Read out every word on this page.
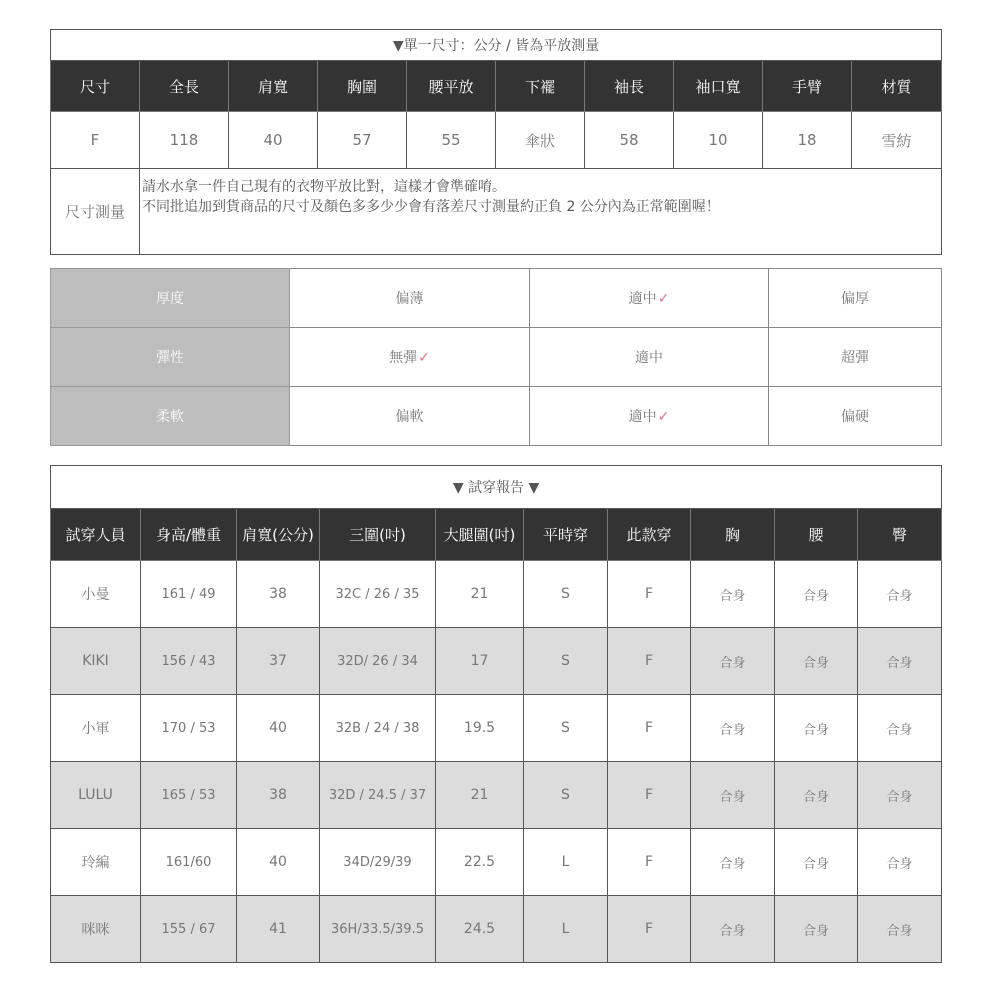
▼單一尺寸：公分 / 皆為平放測量									
尺寸	全長	肩寬	胸圍	腰平放	下襬	袖長	袖口寬	手臂	材質
F	118	40	57	55	傘狀	58	10	18	雪紡
尺寸測量	請水水拿一件自己現有的衣物平放比對，這樣才會準確唷。
不同批追加到貨商品的尺寸及顏色多多少少會有落差尺寸測量約正負 2 公分內為正常範圍喔！								
厚度	偏薄	適中✓	偏厚
彈性	無彈✓	適中	超彈
柔軟	偏軟	適中✓	偏硬
▼ 試穿報告 ▼									
試穿人員	身高/體重	肩寬(公分)	三圍(吋)	大腿圍(吋)	平時穿	此款穿	胸	腰	臀
小曼	161 / 49	38	32C / 26 / 35	21	S	F	合身	合身	合身
KIKI	156 / 43	37	32D/ 26 / 34	17	S	F	合身	合身	合身
小軍	170 / 53	40	32B / 24 / 38	19.5	S	F	合身	合身	合身
LULU	165 / 53	38	32D / 24.5 / 37	21	S	F	合身	合身	合身
玲編	161/60	40	34D/29/39	22.5	L	F	合身	合身	合身
咪咪	155 / 67	41	36H/33.5/39.5	24.5	L	F	合身	合身	合身
